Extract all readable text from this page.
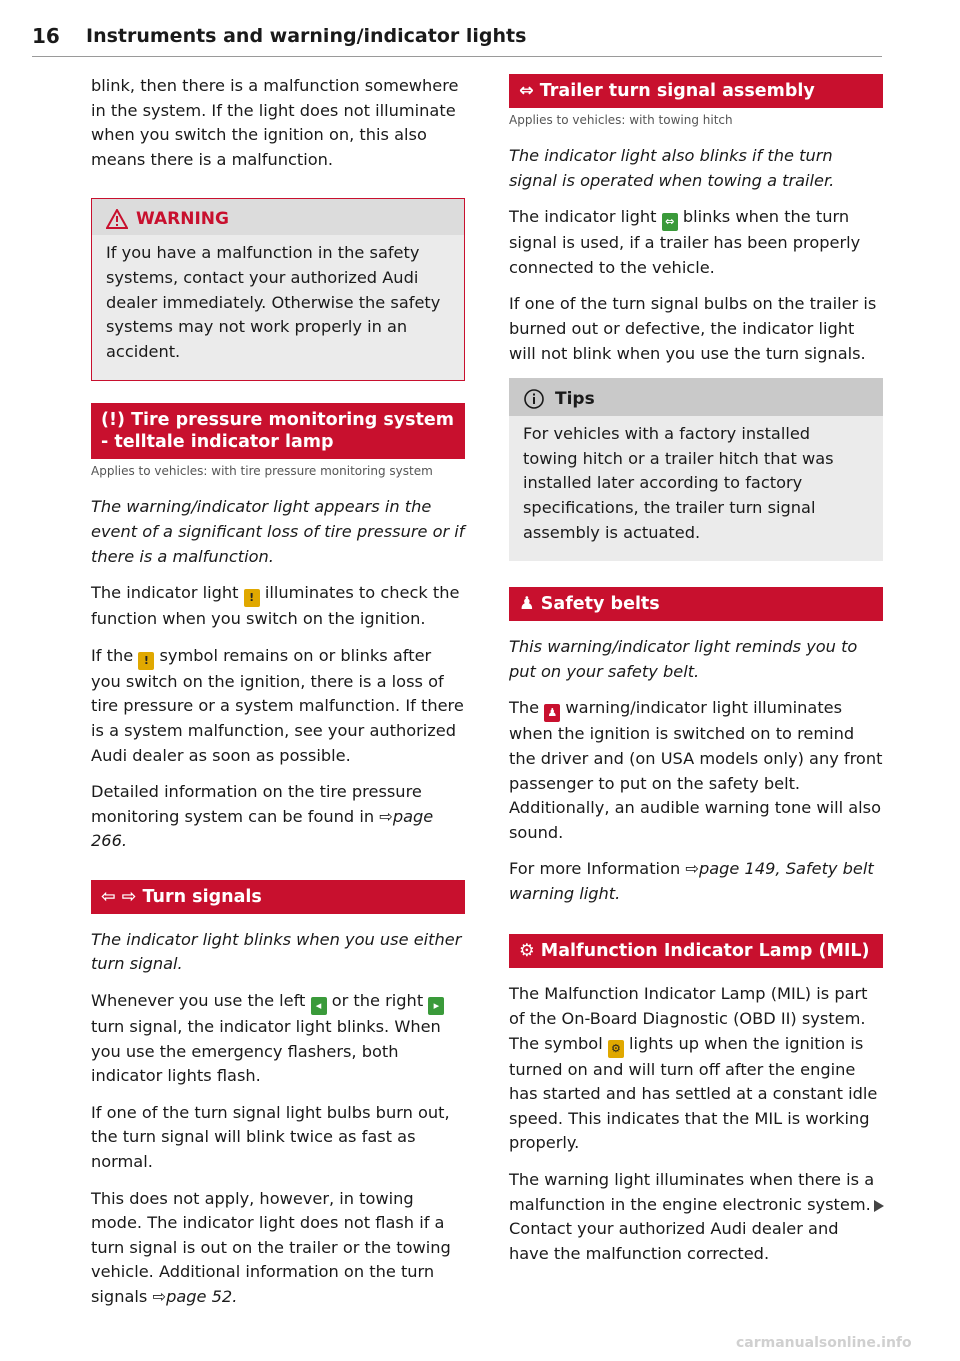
16 Instruments and warning/indicator lights

blink, then there is a malfunction somewhere in the system. If the light does not illuminate when you switch the ignition on, this also means there is a malfunction.

WARNING

If you have a malfunction in the safety systems, contact your authorized Audi dealer immediately. Otherwise the safety systems may not work properly in an accident.

(!) Tire pressure monitoring system - telltale indicator lamp
Applies to vehicles: with tire pressure monitoring system

The warning/indicator light appears in the event of a significant loss of tire pressure or if there is a malfunction.

The indicator light ! illuminates to check the function when you switch on the ignition.

If the ! symbol remains on or blinks after you switch on the ignition, there is a loss of tire pressure or a system malfunction. If there is a system malfunction, see your authorized Audi dealer as soon as possible.

Detailed information on the tire pressure monitoring system can be found in ⇨page 266.

⇦ ⇨ Turn signals

The indicator light blinks when you use either turn signal.

Whenever you use the left ◂ or the right ▸ turn signal, the indicator light blinks. When you use the emergency flashers, both indicator lights flash.

If one of the turn signal light bulbs burn out, the turn signal will blink twice as fast as normal.

This does not apply, however, in towing mode. The indicator light does not flash if a turn signal is out on the trailer or the towing vehicle. Additional information on the turn signals ⇨page 52.

⇔ Trailer turn signal assembly
Applies to vehicles: with towing hitch

The indicator light also blinks if the turn signal is operated when towing a trailer.

The indicator light ⇔ blinks when the turn signal is used, if a trailer has been properly connected to the vehicle.

If one of the turn signal bulbs on the trailer is burned out or defective, the indicator light will not blink when you use the turn signals.

Tips

For vehicles with a factory installed towing hitch or a trailer hitch that was installed later according to factory specifications, the trailer turn signal assembly is actuated.

♟ Safety belts

This warning/indicator light reminds you to put on your safety belt.

The ♟ warning/indicator light illuminates when the ignition is switched on to remind the driver and (on USA models only) any front passenger to put on the safety belt. Additionally, an audible warning tone will also sound.

For more Information ⇨page 149, Safety belt warning light.

⚙ Malfunction Indicator Lamp (MIL)

The Malfunction Indicator Lamp (MIL) is part of the On-Board Diagnostic (OBD II) system. The symbol ⚙ lights up when the ignition is turned on and will turn off after the engine has started and has settled at a constant idle speed. This indicates that the MIL is working properly.

The warning light illuminates when there is a malfunction in the engine electronic system. Contact your authorized Audi dealer and have the malfunction corrected.

carmanualsonline.info
